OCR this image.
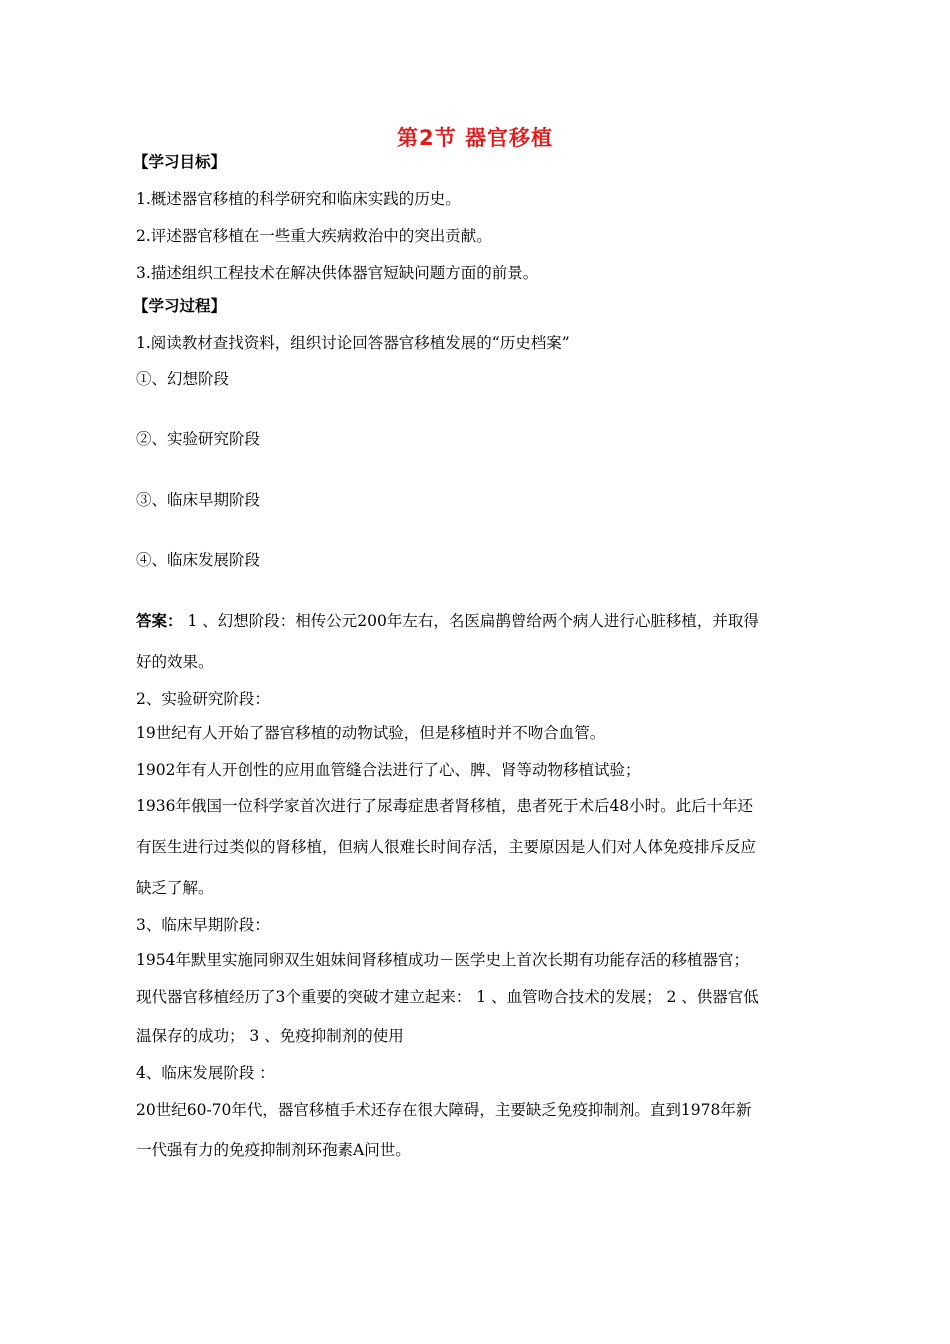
第2节 器官移植
【学习目标】
1.概述器官移植的科学研究和临床实践的历史。
2.评述器官移植在一些重大疾病救治中的突出贡献。
3.描述组织工程技术在解决供体器官短缺问题方面的前景。
【学习过程】
1.阅读教材查找资料，组织讨论回答器官移植发展的“历史档案”
①、幻想阶段
②、实验研究阶段
③、临床早期阶段
④、临床发展阶段
答案： 1 、幻想阶段：相传公元200年左右，名医扁鹊曾给两个病人进行心脏移植，并取得
好的效果。
2、实验研究阶段：
19世纪有人开始了器官移植的动物试验，但是移植时并不吻合血管。
1902年有人开创性的应用血管缝合法进行了心、脾、肾等动物移植试验；
1936年俄国一位科学家首次进行了尿毒症患者肾移植，患者死于术后48小时。此后十年还
有医生进行过类似的肾移植，但病人很难长时间存活，主要原因是人们对人体免疫排斥反应
缺乏了解。
3、临床早期阶段：
1954年默里实施同卵双生姐妹间肾移植成功－医学史上首次长期有功能存活的移植器官；
现代器官移植经历了3个重要的突破才建立起来： 1 、血管吻合技术的发展； 2 、供器官低
温保存的成功； 3 、免疫抑制剂的使用
4、临床发展阶段 ：
20世纪60-70年代，器官移植手术还存在很大障碍，主要缺乏免疫抑制剂。直到1978年新
一代强有力的免疫抑制剂环孢素A问世。
